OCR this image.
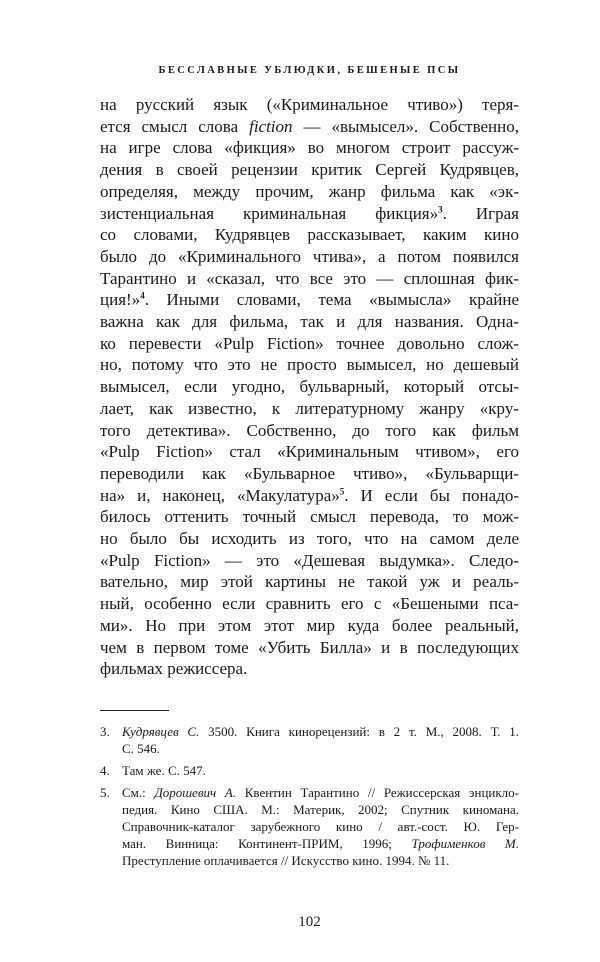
БЕССЛАВНЫЕ УБЛЮДКИ, БЕШЕНЫЕ ПСЫ
на русский язык («Криминальное чтиво») теря-
ется смысл слова fiction — «вымысел». Собственно,
на игре слова «фикция» во многом строит рассуж-
дения в своей рецензии критик Сергей Кудрявцев,
определяя, между прочим, жанр фильма как «эк-
зистенциальная криминальная фикция»$^3$. Играя
со словами, Кудрявцев рассказывает, каким кино
было до «Криминального чтива», а потом появился
Тарантино и «сказал, что все это — сплошная фик-
ция!»$^4$. Иными словами, тема «вымысла» крайне
важна как для фильма, так и для названия. Одна-
ко перевести «Pulp Fiction» точнее довольно слож-
но, потому что это не просто вымысел, но дешевый
вымысел, если угодно, бульварный, который отсы-
лает, как известно, к литературному жанру «кру-
того детектива». Собственно, до того как фильм
«Pulp Fiction» стал «Криминальным чтивом», его
переводили как «Бульварное чтиво», «Бульварщи-
на» и, наконец, «Макулатура»$^5$. И если бы понадо-
билось оттенить точный смысл перевода, то мож-
но было бы исходить из того, что на самом деле
«Pulp Fiction» — это «Дешевая выдумка». Следо-
вательно, мир этой картины не такой уж и реаль-
ный, особенно если сравнить его с «Бешеными пса-
ми». Но при этом этот мир куда более реальный,
чем в первом томе «Убить Билла» и в последующих
фильмах режиссера.
3. Кудрявцев С. 3500. Книга кинорецензий: в 2 т. М., 2008. Т. 1.
С. 546.
4. Там же. С. 547.
5. См.: Дорошевич А. Квентин Тарантино // Режиссерская энцикло-
педия. Кино США. М.: Материк, 2002; Спутник киномана.
Справочник-каталог зарубежного кино / авт.-сост. Ю. Гер-
ман. Винница: Континент-ПРИМ, 1996; Трофименков М.
Преступление оплачивается // Искусство кино. 1994. № 11.
102
